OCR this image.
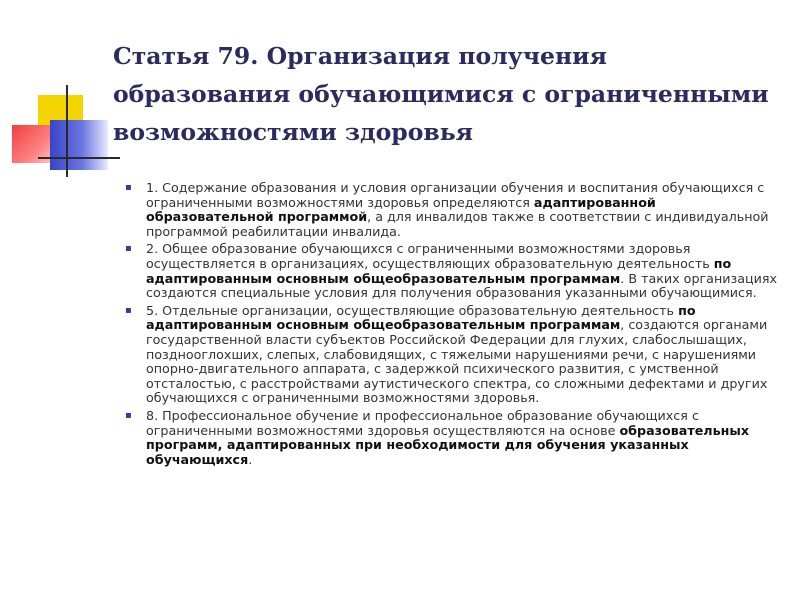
Статья 79. Организация получения образования обучающимися с ограниченными возможностями здоровья
▪ 1. Содержание образования и условия организации обучения и воспитания обучающихся с ограниченными возможностями здоровья определяются адаптированной образовательной программой, а для инвалидов также в соответствии с индивидуальной программой реабилитации инвалида.
▪ 2. Общее образование обучающихся с ограниченными возможностями здоровья осуществляется в организациях, осуществляющих образовательную деятельность по адаптированным основным общеобразовательным программам. В таких организациях создаются специальные условия для получения образования указанными обучающимися.
▪ 5. Отдельные организации, осуществляющие образовательную деятельность по адаптированным основным общеобразовательным программам, создаются органами государственной власти субъектов Российской Федерации для глухих, слабослышащих, позднооглохших, слепых, слабовидящих, с тяжелыми нарушениями речи, с нарушениями опорно-двигательного аппарата, с задержкой психического развития, с умственной отсталостью, с расстройствами аутистического спектра, со сложными дефектами и других обучающихся с ограниченными возможностями здоровья.
▪ 8. Профессиональное обучение и профессиональное образование обучающихся с ограниченными возможностями здоровья осуществляются на основе образовательных программ, адаптированных при необходимости для обучения указанных обучающихся.
